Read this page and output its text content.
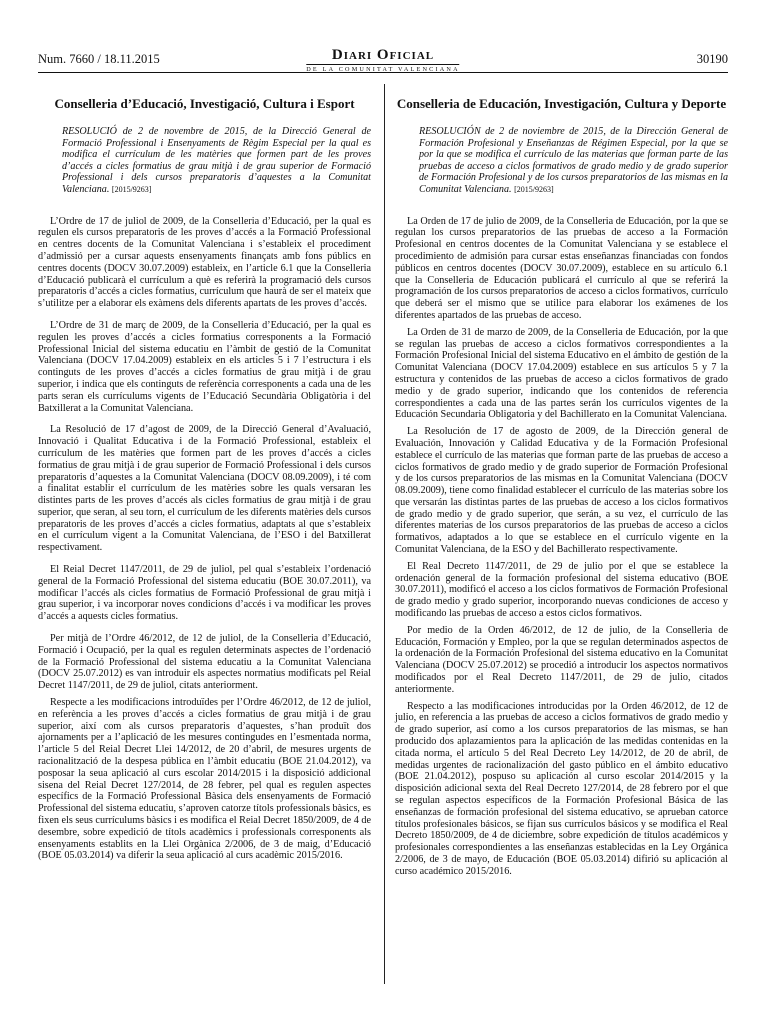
Num. 7660 / 18.11.2015	Diari Oficial
DE LA COMUNITAT VALENCIANA
30190
Conselleria d’Educació, Investigació, Cultura i Esport
RESOLUCIÓ de 2 de novembre de 2015, de la Direcció General de Formació Professional i Ensenyaments de Règim Especial per la qual es modifica el currículum de les matèries que formen part de les proves d’accés a cicles formatius de grau mitjà i de grau superior de Formació Professional i dels cursos preparatoris d’aquestes a la Comunitat Valenciana. [2015/9263]

L’Ordre de 17 de juliol de 2009, de la Conselleria d’Educació, per la qual es regulen els cursos preparatoris de les proves d’accés a la Formació Professional en centres docents de la Comunitat Valenciana i s’estableix el procediment d’admissió per a cursar aquests ensenyaments finançats amb fons públics en centres docents (DOCV 30.07.2009) estableix, en l’article 6.1 que la Conselleria d’Educació publicarà el currículum a què es referirà la programació dels cursos preparatoris d’accés a cicles formatius, currículum que haurà de ser el mateix que s’utilitze per a elaborar els exàmens dels diferents apartats de les proves d’accés.

L’Ordre de 31 de març de 2009, de la Conselleria d’Educació, per la qual es regulen les proves d’accés a cicles formatius corresponents a la Formació Professional Inicial del sistema educatiu en l’àmbit de gestió de la Comunitat Valenciana (DOCV 17.04.2009) estableix en els articles 5 i 7 l’estructura i els continguts de les proves d’accés a cicles formatius de grau mitjà i de grau superior, i indica que els continguts de referència corresponents a cada una de les parts seran els currículums vigents de l’Educació Secundària Obligatòria i del Batxillerat a la Comunitat Valenciana.

La Resolució de 17 d’agost de 2009, de la Direcció General d’Avaluació, Innovació i Qualitat Educativa i de la Formació Professional, estableix el currículum de les matèries que formen part de les proves d’accés a cicles formatius de grau mitjà i de grau superior de Formació Professional i dels cursos preparatoris d’aquestes a la Comunitat Valenciana (DOCV 08.09.2009), i té com a finalitat establir el currículum de les matèries sobre les quals versaran les distintes parts de les proves d’accés als cicles formatius de grau mitjà i de grau superior, que seran, al seu torn, el currículum de les diferents matèries dels cursos preparatoris de les proves d’accés a cicles formatius, adaptats al que s’estableix en el currículum vigent a la Comunitat Valenciana, de l’ESO i del Batxillerat respectivament.

El Reial Decret 1147/2011, de 29 de juliol, pel qual s’estableix l’ordenació general de la Formació Professional del sistema educatiu (BOE 30.07.2011), va modificar l’accés als cicles formatius de Formació Professional de grau mitjà i grau superior, i va incorporar noves condicions d’accés i va modificar les proves d’accés a aquests cicles formatius.

Per mitjà de l’Ordre 46/2012, de 12 de juliol, de la Conselleria d’Educació, Formació i Ocupació, per la qual es regulen determinats aspectes de l’ordenació de la Formació Professional del sistema educatiu a la Comunitat Valenciana (DOCV 25.07.2012) es van introduir els aspectes normatius modificats pel Reial Decret 1147/2011, de 29 de juliol, citats anteriorment.

Respecte a les modificacions introduïdes per l’Ordre 46/2012, de 12 de juliol, en referència a les proves d’accés a cicles formatius de grau mitjà i de grau superior, així com als cursos preparatoris d’aquestes, s’han produït dos ajornaments per a l’aplicació de les mesures contingudes en l’esmentada norma, l’article 5 del Reial Decret Llei 14/2012, de 20 d’abril, de mesures urgents de racionalització de la despesa pública en l’àmbit educatiu (BOE 21.04.2012), va posposar la seua aplicació al curs escolar 2014/2015 i la disposició addicional sisena del Reial Decret 127/2014, de 28 febrer, pel qual es regulen aspectes específics de la Formació Professional Bàsica dels ensenyaments de Formació Professional del sistema educatiu, s’aproven catorze títols professionals bàsics, es fixen els seus currículums bàsics i es modifica el Reial Decret 1850/2009, de 4 de desembre, sobre expedició de títols acadèmics i professionals corresponents als ensenyaments establits en la Llei Orgànica 2/2006, de 3 de maig, d’Educació (BOE 05.03.2014) va diferir la seua aplicació al curs acadèmic 2015/2016.

Conselleria de Educación, Investigación, Cultura y Deporte
RESOLUCIÓN de 2 de noviembre de 2015, de la Dirección General de Formación Profesional y Enseñanzas de Régimen Especial, por la que se por la que se modifica el currículo de las materias que forman parte de las pruebas de acceso a ciclos formativos de grado medio y de grado superior de Formación Profesional y de los cursos preparatorios de las mismas en la Comunitat Valenciana. [2015/9263]

La Orden de 17 de julio de 2009, de la Conselleria de Educación, por la que se regulan los cursos preparatorios de las pruebas de acceso a la Formación Profesional en centros docentes de la Comunitat Valenciana y se establece el procedimiento de admisión para cursar estas enseñanzas financiadas con fondos públicos en centros docentes (DOCV 30.07.2009), establece en su artículo 6.1 que la Conselleria de Educación publicará el currículo al que se referirá la programación de los cursos preparatorios de acceso a ciclos formativos, currículo que deberá ser el mismo que se utilice para elaborar los exámenes de los diferentes apartados de las pruebas de acceso.

La Orden de 31 de marzo de 2009, de la Conselleria de Educación, por la que se regulan las pruebas de acceso a ciclos formativos correspondientes a la Formación Profesional Inicial del sistema Educativo en el ámbito de gestión de la Comunitat Valenciana (DOCV 17.04.2009) establece en sus artículos 5 y 7 la estructura y contenidos de las pruebas de acceso a ciclos formativos de grado medio y de grado superior, indicando que los contenidos de referencia correspondientes a cada una de las partes serán los currículos vigentes de la Educación Secundaria Obligatoria y del Bachillerato en la Comunitat Valenciana.

La Resolución de 17 de agosto de 2009, de la Dirección general de Evaluación, Innovación y Calidad Educativa y de la Formación Profesional establece el currículo de las materias que forman parte de las pruebas de acceso a ciclos formativos de grado medio y de grado superior de Formación Profesional y de los cursos preparatorios de las mismas en la Comunitat Valenciana (DOCV 08.09.2009), tiene como finalidad establecer el currículo de las materias sobre los que versarán las distintas partes de las pruebas de acceso a los ciclos formativos de grado medio y de grado superior, que serán, a su vez, el currículo de las diferentes materias de los cursos preparatorios de las pruebas de acceso a ciclos formativos, adaptados a lo que se establece en el currículo vigente en la Comunitat Valenciana, de la ESO y del Bachillerato respectivamente.

El Real Decreto 1147/2011, de 29 de julio por el que se establece la ordenación general de la formación profesional del sistema educativo (BOE 30.07.2011), modificó el acceso a los ciclos formativos de Formación Profesional de grado medio y grado superior, incorporando nuevas condiciones de acceso y modificando las pruebas de acceso a estos ciclos formativos.

Por medio de la Orden 46/2012, de 12 de julio, de la Conselleria de Educación, Formación y Empleo, por la que se regulan determinados aspectos de la ordenación de la Formación Profesional del sistema educativo en la Comunitat Valenciana (DOCV 25.07.2012) se procedió a introducir los aspectos normativos modificados por el Real Decreto 1147/2011, de 29 de julio, citados anteriormente.

Respecto a las modificaciones introducidas por la Orden 46/2012, de 12 de julio, en referencia a las pruebas de acceso a ciclos formativos de grado medio y de grado superior, así como a los cursos preparatorios de las mismas, se han producido dos aplazamientos para la aplicación de las medidas contenidas en la citada norma, el artículo 5 del Real Decreto Ley 14/2012, de 20 de abril, de medidas urgentes de racionalización del gasto público en el ámbito educativo (BOE 21.04.2012), pospuso su aplicación al curso escolar 2014/2015 y la disposición adicional sexta del Real Decreto 127/2014, de 28 febrero por el que se regulan aspectos específicos de la Formación Profesional Básica de las enseñanzas de formación profesional del sistema educativo, se aprueban catorce títulos profesionales básicos, se fijan sus currículos básicos y se modifica el Real Decreto 1850/2009, de 4 de diciembre, sobre expedición de títulos académicos y profesionales correspondientes a las enseñanzas establecidas en la Ley Orgánica 2/2006, de 3 de mayo, de Educación (BOE 05.03.2014) difirió su aplicación al curso académico 2015/2016.
